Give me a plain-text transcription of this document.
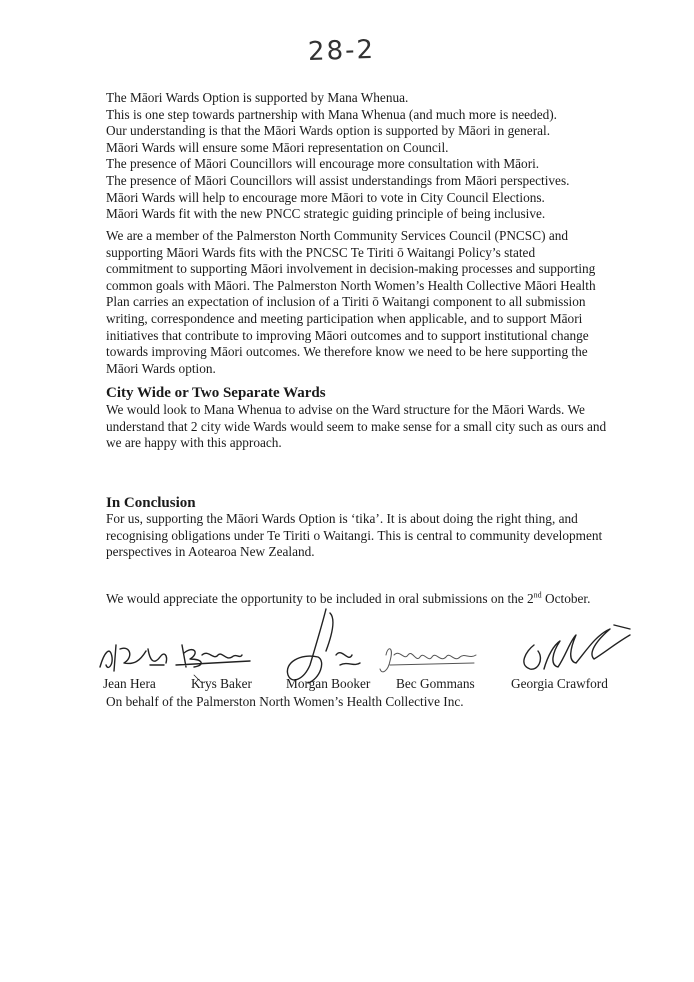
28-2
The Māori Wards Option is supported by Mana Whenua.
This is one step towards partnership with Mana Whenua (and much more is needed).
Our understanding is that the Māori Wards option is supported by Māori in general.
Māori Wards will ensure some Māori representation on Council.
The presence of Māori Councillors will encourage more consultation with Māori.
The presence of Māori Councillors will assist understandings from Māori perspectives.
Māori Wards will help to encourage more Māori to vote in City Council Elections.
Māori Wards fit with the new PNCC strategic guiding principle of being inclusive.
We are a member of the Palmerston North Community Services Council (PNCSC) and
supporting Māori Wards fits with the PNCSC Te Tiriti ō Waitangi Policy’s stated
commitment to supporting Māori involvement in decision-making processes and supporting
common goals with Māori. The Palmerston North Women’s Health Collective Māori Health
Plan carries an expectation of inclusion of a Tiriti ō Waitangi component to all submission
writing, correspondence and meeting participation when applicable, and to support Māori
initiatives that contribute to improving Māori outcomes and to support institutional change
towards improving Māori outcomes. We therefore know we need to be here supporting the
Māori Wards option.
City Wide or Two Separate Wards
We would look to Mana Whenua to advise on the Ward structure for the Māori Wards. We
understand that 2 city wide Wards would seem to make sense for a small city such as ours and
we are happy with this approach.
In Conclusion
For us, supporting the Māori Wards Option is ‘tika’. It is about doing the right thing, and
recognising obligations under Te Tiriti o Waitangi. This is central to community development
perspectives in Aotearoa New Zealand.
We would appreciate the opportunity to be included in oral submissions on the 2nd October.
Jean Hera	Krys Baker	Morgan Booker Bec Gommans	Georgia Crawford
On behalf of the Palmerston North Women’s Health Collective Inc.
